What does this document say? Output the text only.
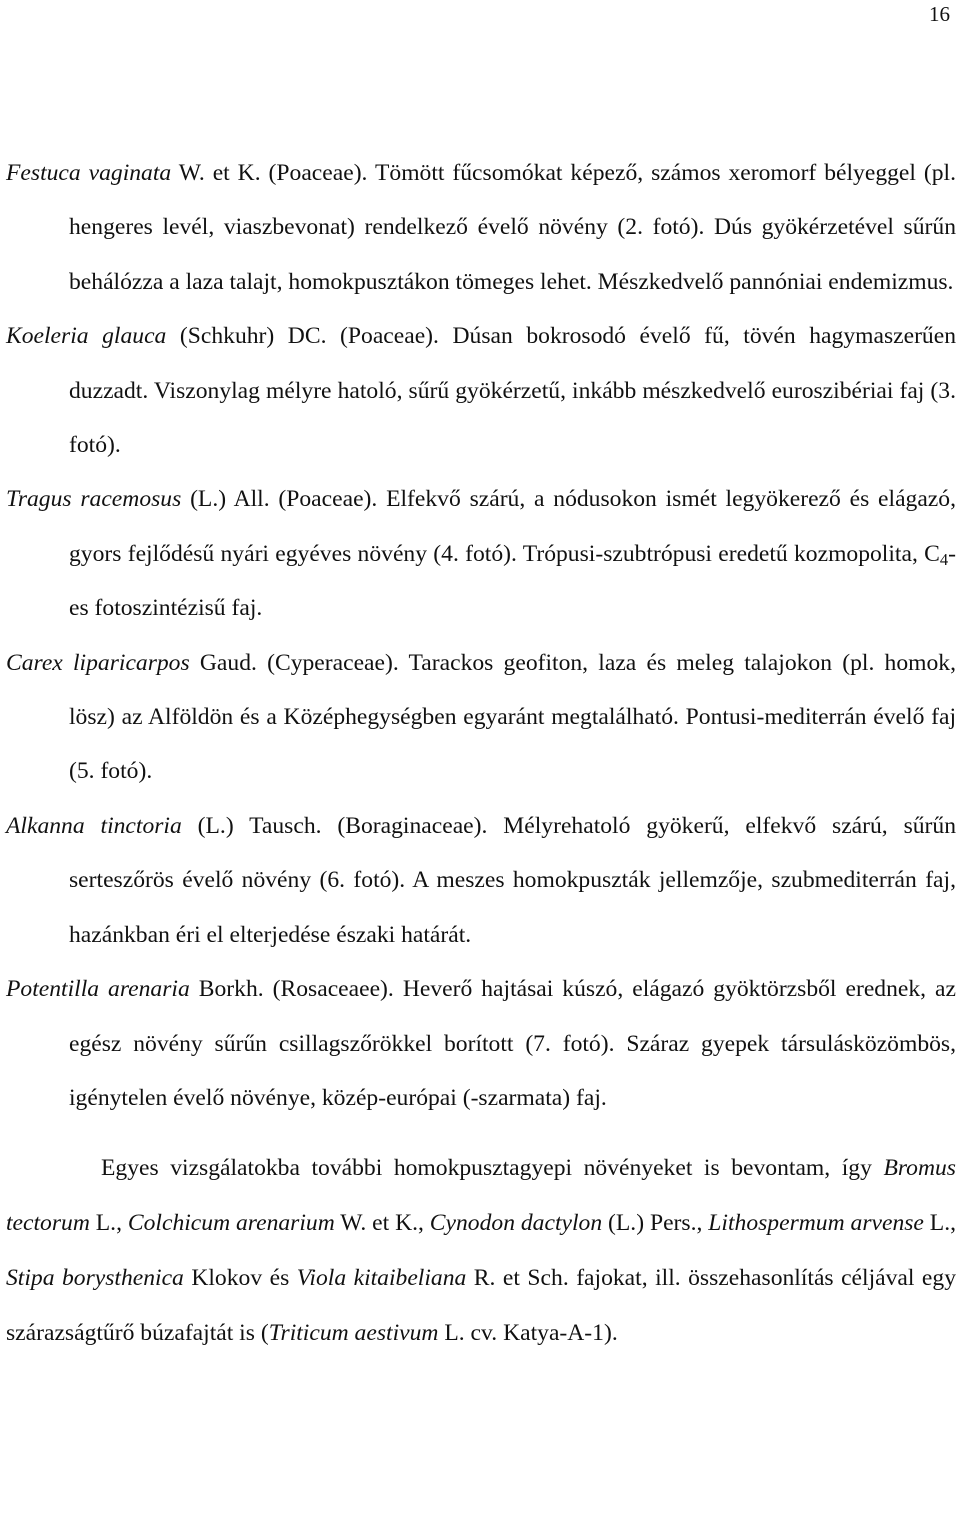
16

Festuca vaginata W. et K. (Poaceae). Tömött fűcsomókat képező, számos xeromorf bélyeggel (pl. hengeres levél, viaszbevonat) rendelkező évelő növény (2. fotó). Dús gyökérzetével sűrűn behálózza a laza talajt, homokpusztákon tömeges lehet. Mészkedvelő pannóniai endemizmus.

Koeleria glauca (Schkuhr) DC. (Poaceae). Dúsan bokrosodó évelő fű, tövén hagymaszerűen duzzadt. Viszonylag mélyre hatoló, sűrű gyökérzetű, inkább mészkedvelő euroszibériai faj (3. fotó).

Tragus racemosus (L.) All. (Poaceae). Elfekvő szárú, a nódusokon ismét legyökerező és elágazó, gyors fejlődésű nyári egyéves növény (4. fotó). Trópusi-szubtrópusi eredetű kozmopolita, $C_4-es$ fotoszintézisű faj.

Carex liparicarpos Gaud. (Cyperaceae). Tarackos geofiton, laza és meleg talajokon (pl. homok, lösz) az Alföldön és a Középhegységben egyaránt megtalálható. Pontusi-mediterrán évelő faj (5. fotó).

Alkanna tinctoria (L.) Tausch. (Boraginaceae). Mélyrehatoló gyökerű, elfekvő szárú, sűrűn serteszőrös évelő növény (6. fotó). A meszes homokpuszták jellemzője, szubmediterrán faj, hazánkban éri el elterjedése északi határát.

Potentilla arenaria Borkh. (Rosaceaee). Heverő hajtásai kúszó, elágazó gyöktörzsből erednek, az egész növény sűrűn csillagszőrökkel borított (7. fotó). Száraz gyepek társulásközömbös, igénytelen évelő növénye, közép-európai (-szarmata) faj.

Egyes vizsgálatokba további homokpusztagyepi növényeket is bevontam, így Bromus tectorum L., Colchicum arenarium W. et K., Cynodon dactylon (L.) Pers., Lithospermum arvense L., Stipa borysthenica Klokov és Viola kitaibeliana R. et Sch. fajokat, ill. összehasonlítás céljával egy szárazságtűrő búzafajtát is (Triticum aestivum L. cv. Katya-A-1).
